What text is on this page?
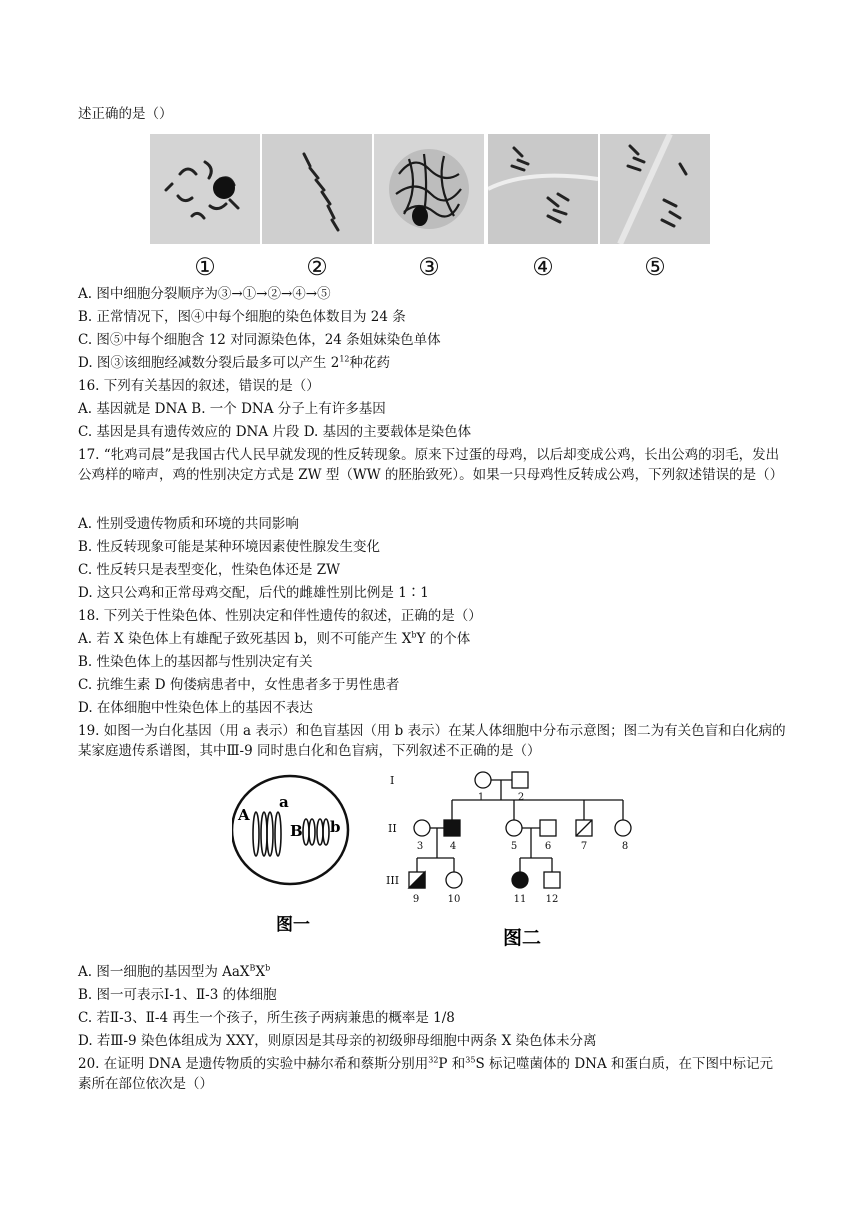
述正确的是（）
①	②	③	④	⑤
A. 图中细胞分裂顺序为③→①→②→④→⑤
B. 正常情况下，图④中每个细胞的染色体数目为 24 条
C. 图⑤中每个细胞含 12 对同源染色体，24 条姐妹染色单体
D. 图③该细胞经减数分裂后最多可以产生 $2^{12}$种花药
16. 下列有关基因的叙述，错误的是（）
A. 基因就是 DNA B. 一个 DNA 分子上有许多基因
C. 基因是具有遗传效应的 DNA 片段 D. 基因的主要载体是染色体
17. “牝鸡司晨”是我国古代人民早就发现的性反转现象。原来下过蛋的母鸡，以后却变成公鸡，长出公鸡的羽毛，发出公鸡样的啼声，鸡的性别决定方式是 ZW 型（WW 的胚胎致死）。如果一只母鸡性反转成公鸡，下列叙述错误的是（）
A. 性别受遗传物质和环境的共同影响
B. 性反转现象可能是某种环境因素使性腺发生变化
C. 性反转只是表型变化，性染色体还是 ZW
D. 这只公鸡和正常母鸡交配，后代的雌雄性别比例是 1∶1
18. 下列关于性染色体、性别决定和伴性遗传的叙述，正确的是（）
A. 若 X 染色体上有雄配子致死基因 b，则不可能产生 $X^bY$ 的个体
B. 性染色体上的基因都与性别决定有关
C. 抗维生素 D 佝偻病患者中，女性患者多于男性患者
D. 在体细胞中性染色体上的基因不表达
19. 如图一为白化基因（用 a 表示）和色盲基因（用 b 表示）在某人体细胞中分布示意图；图二为有关色盲和白化病的某家庭遗传系谱图，其中Ⅲ-9 同时患白化和色盲病，下列叙述不正确的是（）
A
a
B b
图一
I
II
III
1	2
3	4	5	6	7	8
9	10	11 12
图二
A. 图一细胞的基因型为 $AaX^BX^b$
B. 图一可表示Ⅰ-1、Ⅱ-3 的体细胞
C. 若Ⅱ-3、Ⅱ-4 再生一个孩子，所生孩子两病兼患的概率是 1/8
D. 若Ⅲ-9 染色体组成为 XXY，则原因是其母亲的初级卵母细胞中两条 X 染色体未分离
20. 在证明 DNA 是遗传物质的实验中赫尔希和蔡斯分别用$^{32}$P 和$^{35}$S 标记噬菌体的 DNA 和蛋白质，在下图中标记元素所在部位依次是（）
